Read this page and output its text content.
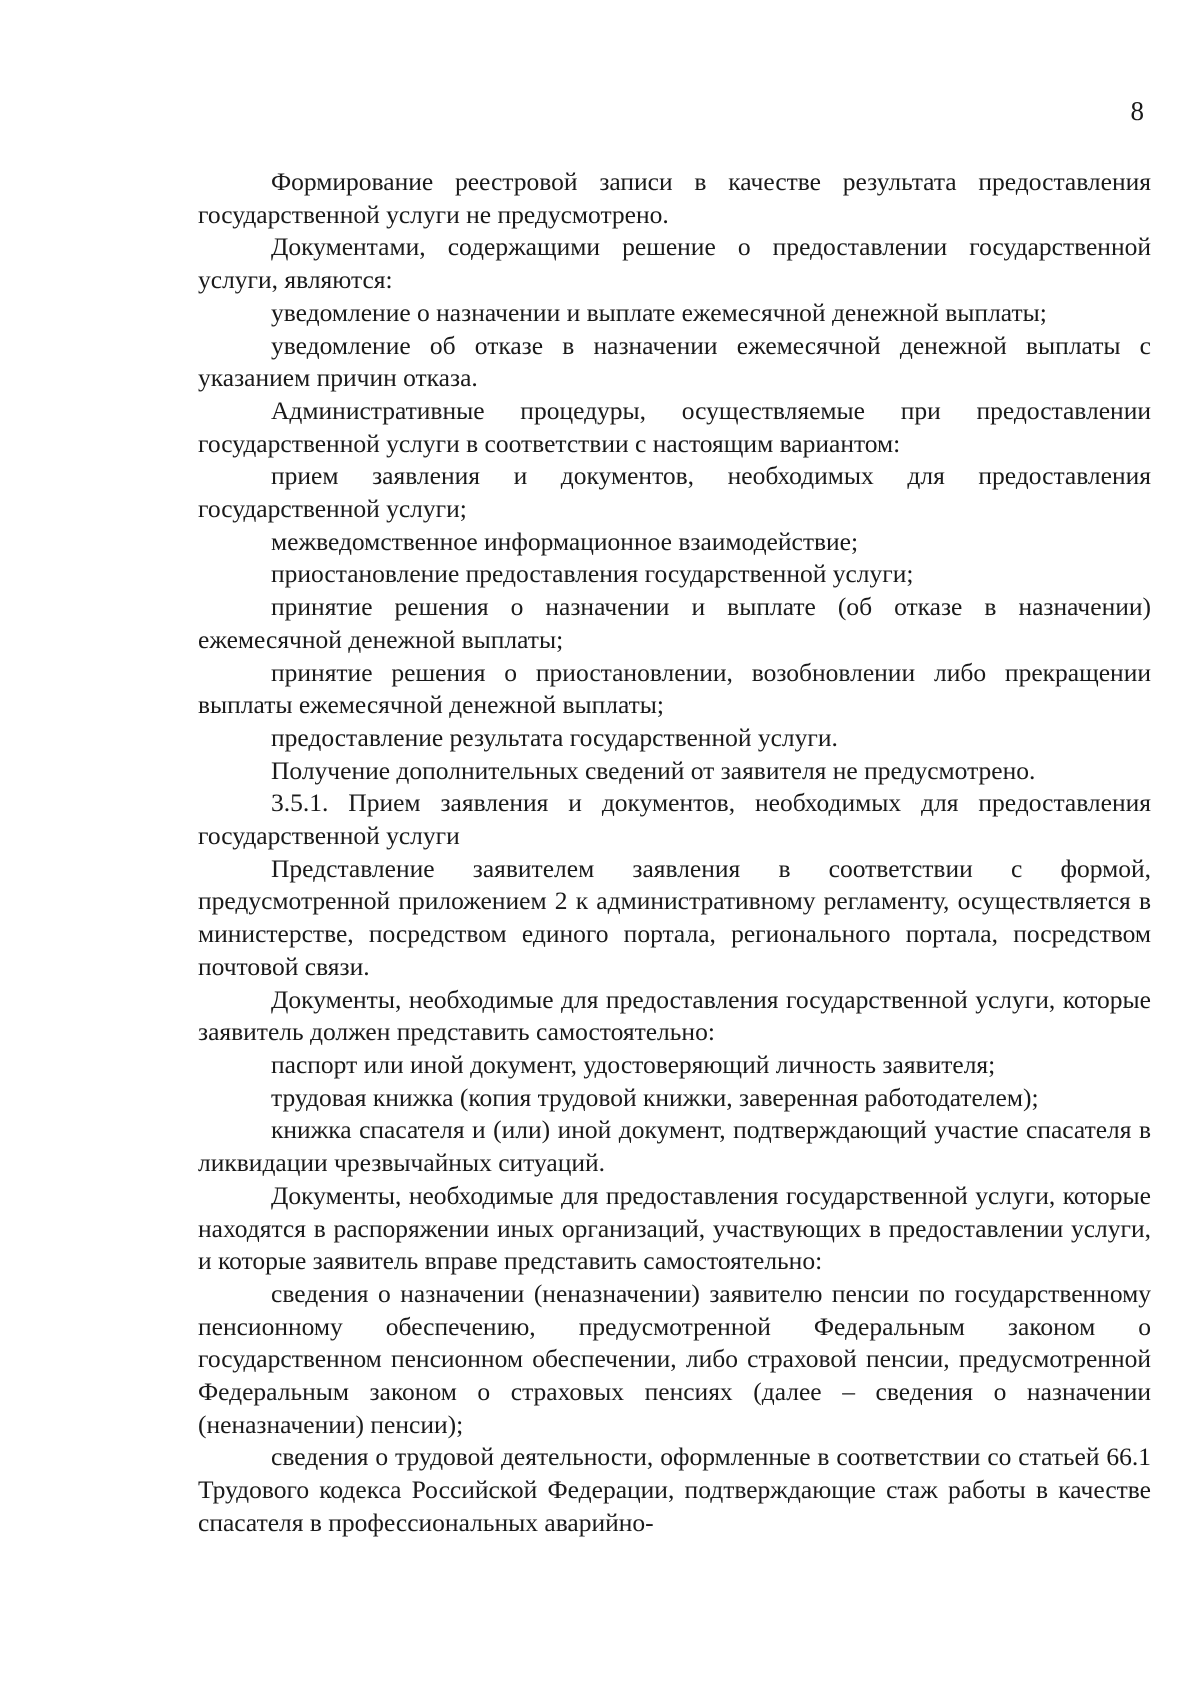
8

Формирование реестровой записи в качестве результата предоставления государственной услуги не предусмотрено.

Документами, содержащими решение о предоставлении государственной услуги, являются:

уведомление о назначении и выплате ежемесячной денежной выплаты;

уведомление об отказе в назначении ежемесячной денежной выплаты с указанием причин отказа.

Административные процедуры, осуществляемые при предоставлении государственной услуги в соответствии с настоящим вариантом:

прием заявления и документов, необходимых для предоставления государственной услуги;

межведомственное информационное взаимодействие;

приостановление предоставления государственной услуги;

принятие решения о назначении и выплате (об отказе в назначении) ежемесячной денежной выплаты;

принятие решения о приостановлении, возобновлении либо прекращении выплаты ежемесячной денежной выплаты;

предоставление результата государственной услуги.

Получение дополнительных сведений от заявителя не предусмотрено.

3.5.1. Прием заявления и документов, необходимых для предоставления государственной услуги

Представление заявителем заявления в соответствии с формой, предусмотренной приложением 2 к административному регламенту, осуществляется в министерстве, посредством единого портала, регионального портала, посредством почтовой связи.

Документы, необходимые для предоставления государственной услуги, которые заявитель должен представить самостоятельно:

паспорт или иной документ, удостоверяющий личность заявителя;

трудовая книжка (копия трудовой книжки, заверенная работодателем);

книжка спасателя и (или) иной документ, подтверждающий участие спасателя в ликвидации чрезвычайных ситуаций.

Документы, необходимые для предоставления государственной услуги, которые находятся в распоряжении иных организаций, участвующих в предоставлении услуги, и которые заявитель вправе представить самостоятельно:

сведения о назначении (неназначении) заявителю пенсии по государственному пенсионному обеспечению, предусмотренной Федеральным законом о государственном пенсионном обеспечении, либо страховой пенсии, предусмотренной Федеральным законом о страховых пенсиях (далее – сведения о назначении (неназначении) пенсии);

сведения о трудовой деятельности, оформленные в соответствии со статьей 66.1 Трудового кодекса Российской Федерации, подтверждающие стаж работы в качестве спасателя в профессиональных аварийно-
